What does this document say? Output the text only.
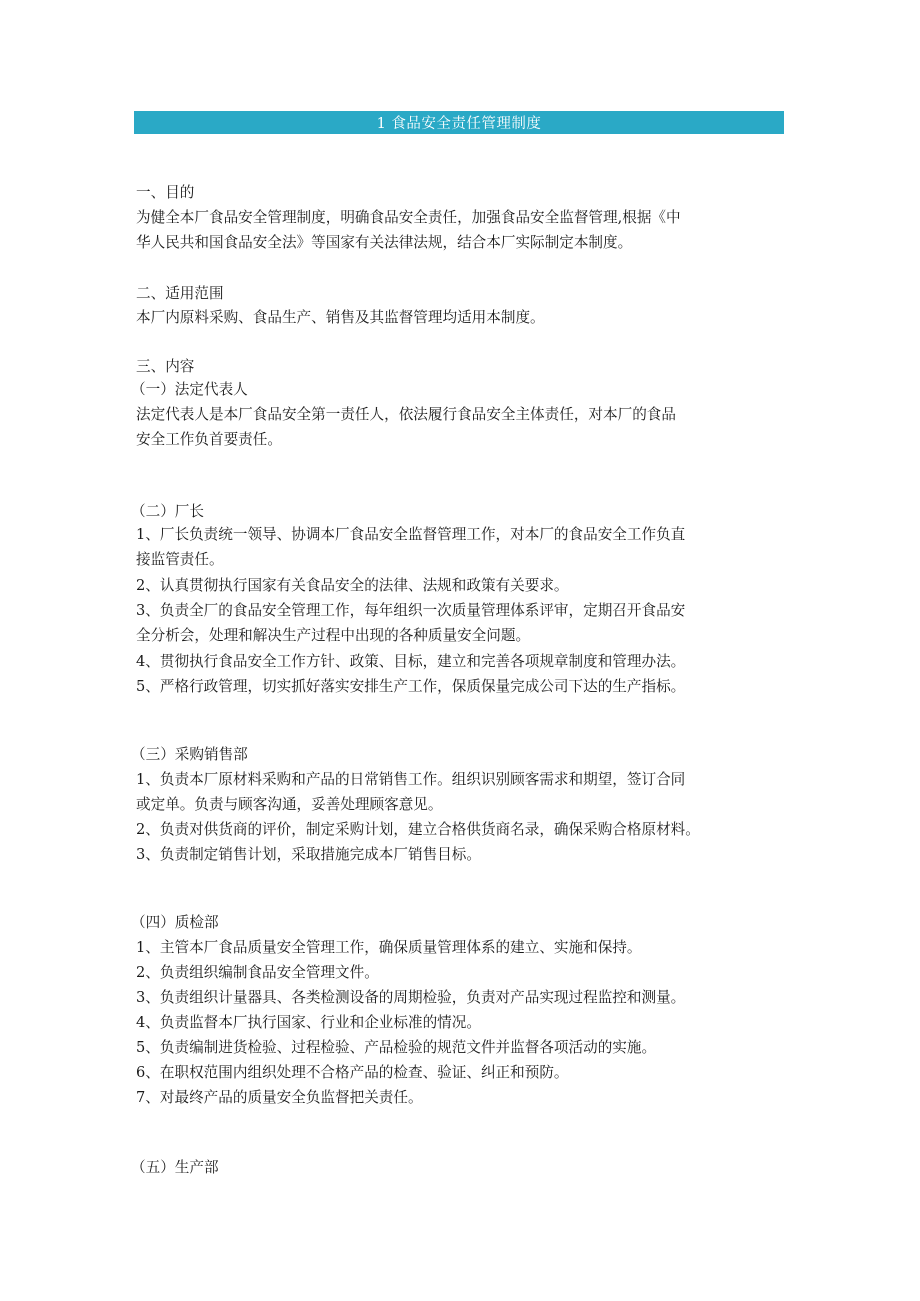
1 食品安全责任管理制度
一、目的
为健全本厂食品安全管理制度，明确食品安全责任，加强食品安全监督管理,根据《中
华人民共和国食品安全法》等国家有关法律法规，结合本厂实际制定本制度。
二、适用范围
本厂内原料采购、食品生产、销售及其监督管理均适用本制度。
三、内容
（一）法定代表人
法定代表人是本厂食品安全第一责任人，依法履行食品安全主体责任，对本厂的食品
安全工作负首要责任。
（二）厂长
1、厂长负责统一领导、协调本厂食品安全监督管理工作，对本厂的食品安全工作负直
接监管责任。
2、认真贯彻执行国家有关食品安全的法律、法规和政策有关要求。
3、负责全厂的食品安全管理工作，每年组织一次质量管理体系评审，定期召开食品安
全分析会，处理和解决生产过程中出现的各种质量安全问题。
4、贯彻执行食品安全工作方针、政策、目标，建立和完善各项规章制度和管理办法。
5、严格行政管理，切实抓好落实安排生产工作，保质保量完成公司下达的生产指标。
（三）采购销售部
1、负责本厂原材料采购和产品的日常销售工作。组织识别顾客需求和期望，签订合同
或定单。负责与顾客沟通，妥善处理顾客意见。
2、负责对供货商的评价，制定采购计划，建立合格供货商名录，确保采购合格原材料。
3、负责制定销售计划，采取措施完成本厂销售目标。
（四）质检部
1、主管本厂食品质量安全管理工作，确保质量管理体系的建立、实施和保持。
2、负责组织编制食品安全管理文件。
3、负责组织计量器具、各类检测设备的周期检验，负责对产品实现过程监控和测量。
4、负责监督本厂执行国家、行业和企业标准的情况。
5、负责编制进货检验、过程检验、产品检验的规范文件并监督各项活动的实施。
6、在职权范围内组织处理不合格产品的检查、验证、纠正和预防。
7、对最终产品的质量安全负监督把关责任。
（五）生产部
